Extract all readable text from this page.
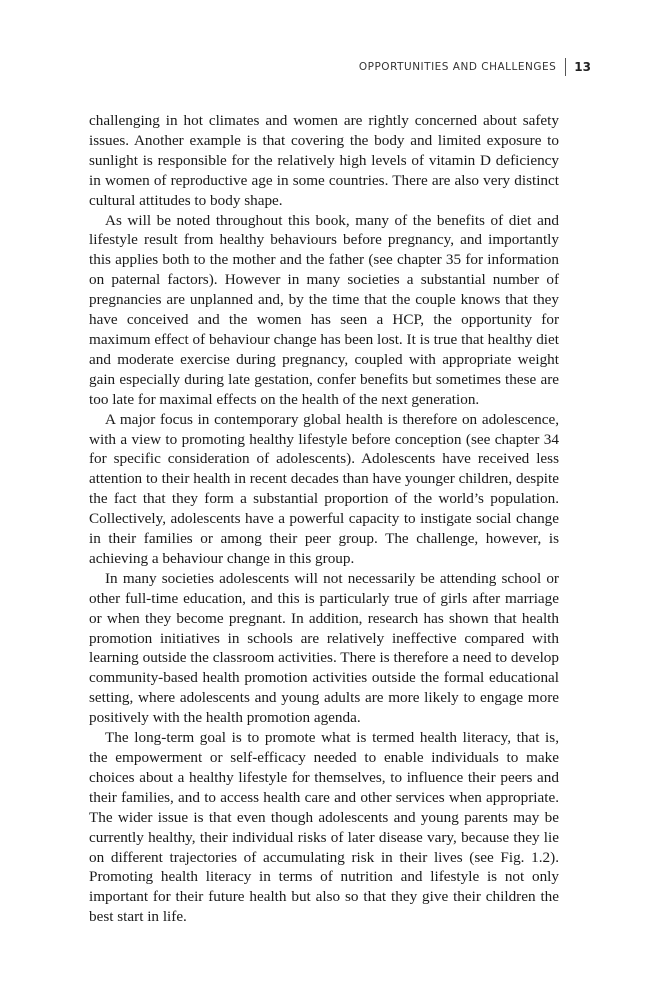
OPPORTUNITIES AND CHALLENGES 13

challenging in hot climates and women are rightly concerned about safety issues. Another example is that covering the body and limited exposure to sunlight is responsible for the relatively high levels of vitamin D deficiency in women of reproductive age in some countries. There are also very distinct cultural attitudes to body shape.

As will be noted throughout this book, many of the benefits of diet and lifestyle result from healthy behaviours before pregnancy, and importantly this applies both to the mother and the father (see chapter 35 for information on paternal factors). However in many societies a substantial number of pregnancies are unplanned and, by the time that the couple knows that they have conceived and the women has seen a HCP, the opportunity for maximum effect of behaviour change has been lost. It is true that healthy diet and moderate exercise during pregnancy, coupled with appropriate weight gain especially during late gestation, confer benefits but sometimes these are too late for maximal effects on the health of the next generation.

A major focus in contemporary global health is therefore on adolescence, with a view to promoting healthy lifestyle before conception (see chapter 34 for specific consideration of adolescents). Adolescents have received less attention to their health in recent decades than have younger children, despite the fact that they form a substantial proportion of the world’s population. Collectively, adolescents have a powerful capacity to instigate social change in their families or among their peer group. The challenge, however, is achieving a behaviour change in this group.

In many societies adolescents will not necessarily be attending school or other full-time education, and this is particularly true of girls after marriage or when they become pregnant. In addition, research has shown that health promotion initiatives in schools are relatively ineffective compared with learning outside the classroom activities. There is therefore a need to develop community-based health promotion activities outside the formal educational setting, where adolescents and young adults are more likely to engage more positively with the health promotion agenda.

The long-term goal is to promote what is termed health literacy, that is, the empowerment or self-efficacy needed to enable individuals to make choices about a healthy lifestyle for themselves, to influence their peers and their families, and to access health care and other services when appropriate. The wider issue is that even though adolescents and young parents may be currently healthy, their individual risks of later disease vary, because they lie on different trajectories of accumulating risk in their lives (see Fig. 1.2). Promoting health literacy in terms of nutrition and lifestyle is not only important for their future health but also so that they give their children the best start in life.
